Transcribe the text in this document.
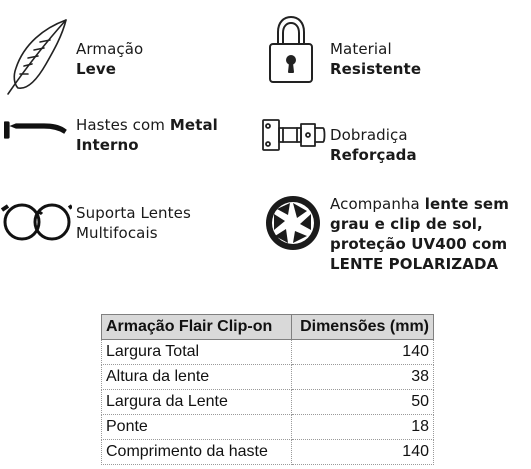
Armação Leve
Material Resistente
Hastes com Metal Interno
Dobradiça Reforçada
Suporta Lentes Multifocais
Acompanha lente sem grau e clip de sol, proteção UV400 com LENTE POLARIZADA
Armação Flair Clip-on	Dimensões (mm)
Largura Total	140
Altura da lente	38
Largura da Lente	50
Ponte	18
Comprimento da haste	140
